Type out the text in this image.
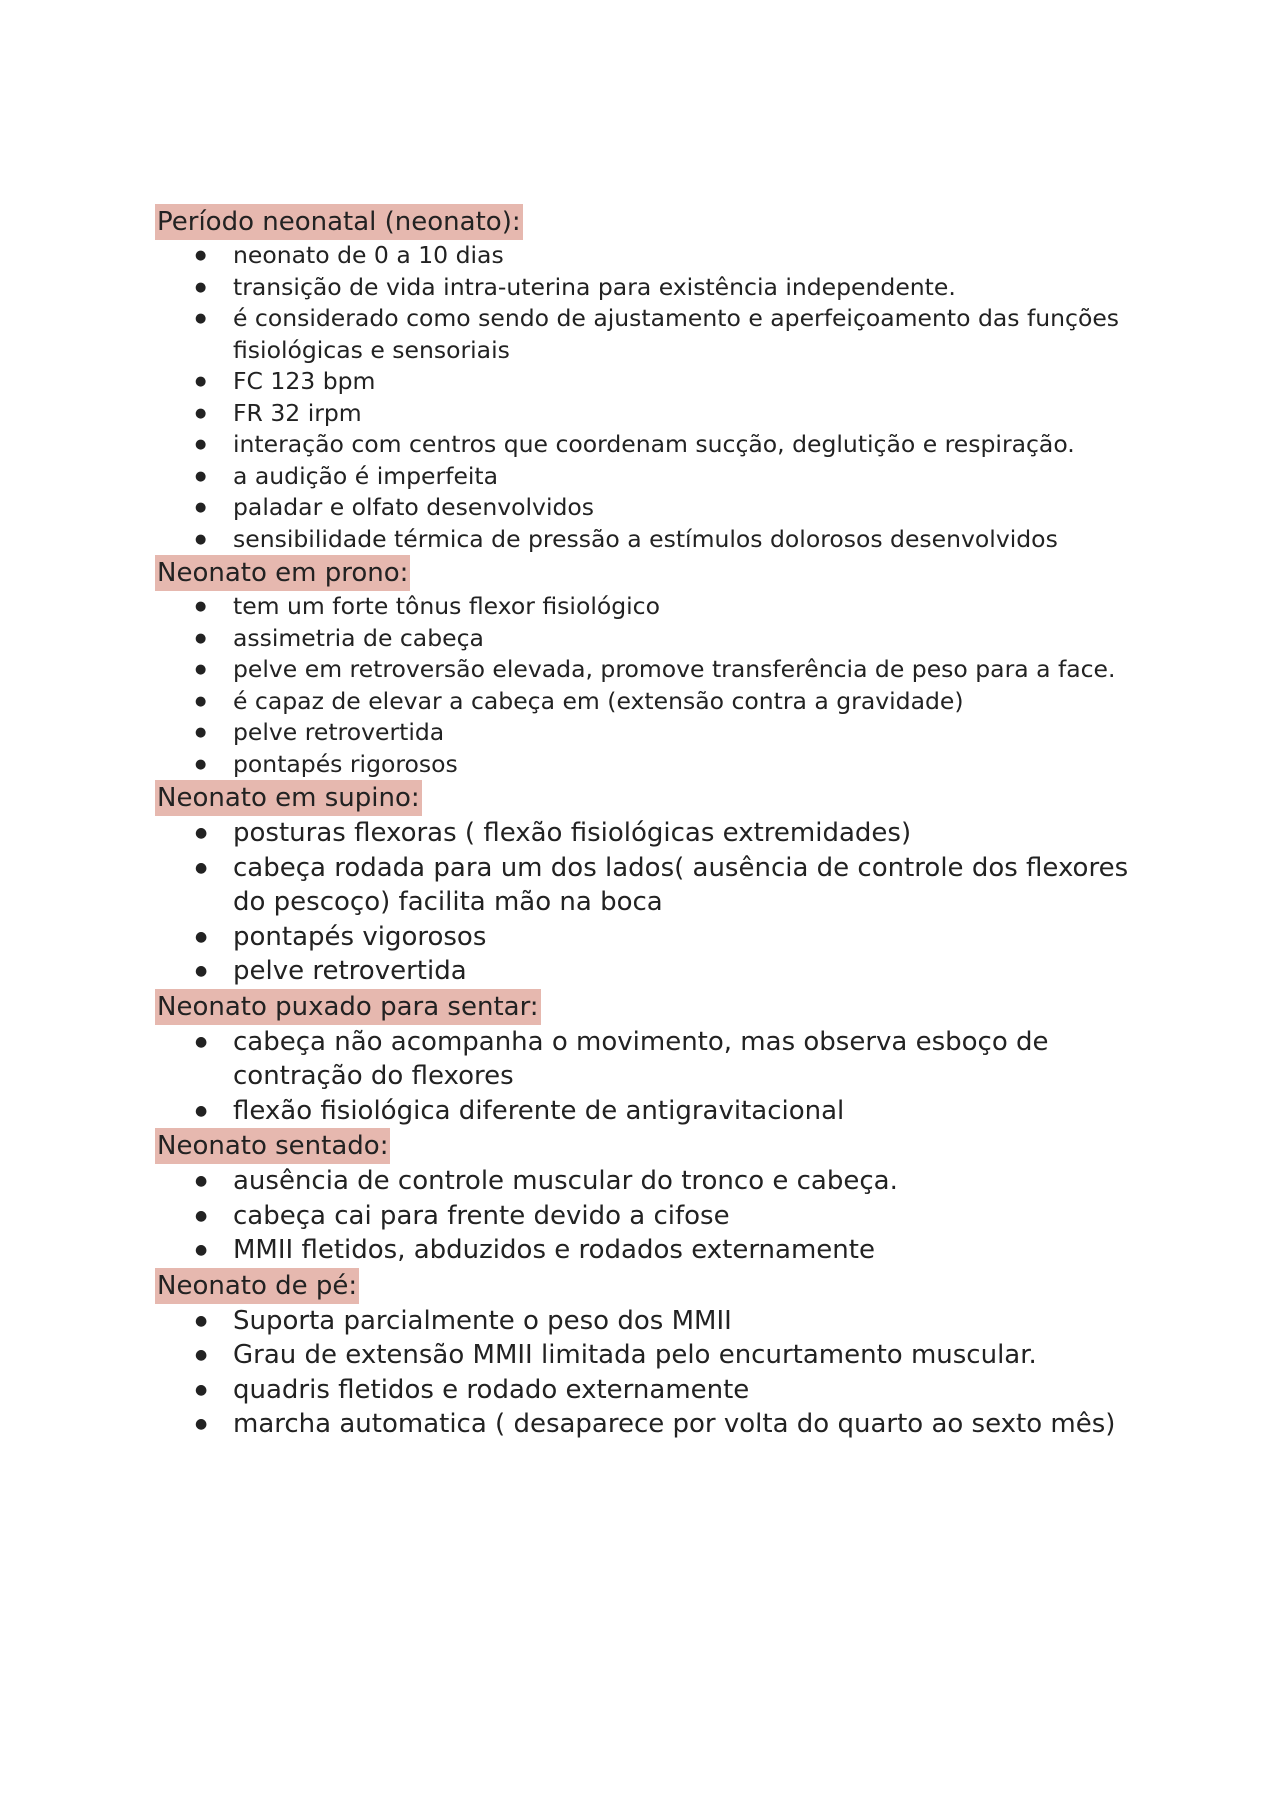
Período neonatal (neonato):
● neonato de 0 a 10 dias
● transição de vida intra-uterina para existência independente.
● é considerado como sendo de ajustamento e aperfeiçoamento das funções fisiológicas e sensoriais
● FC 123 bpm
● FR 32 irpm
● interação com centros que coordenam sucção, deglutição e respiração.
● a audição é imperfeita
● paladar e olfato desenvolvidos
● sensibilidade térmica de pressão a estímulos dolorosos desenvolvidos
Neonato em prono:
● tem um forte tônus flexor fisiológico
● assimetria de cabeça
● pelve em retroversão elevada, promove transferência de peso para a face.
● é capaz de elevar a cabeça em (extensão contra a gravidade)
● pelve retrovertida
● pontapés rigorosos
Neonato em supino:
● posturas flexoras ( flexão fisiológicas extremidades)
● cabeça rodada para um dos lados( ausência de controle dos flexores do pescoço) facilita mão na boca
● pontapés vigorosos
● pelve retrovertida
Neonato puxado para sentar:
● cabeça não acompanha o movimento, mas observa esboço de contração do flexores
● flexão fisiológica diferente de antigravitacional
Neonato sentado:
● ausência de controle muscular do tronco e cabeça.
● cabeça cai para frente devido a cifose
● MMII fletidos, abduzidos e rodados externamente
Neonato de pé:
● Suporta parcialmente o peso dos MMII
● Grau de extensão MMII limitada pelo encurtamento muscular.
● quadris fletidos e rodado externamente
● marcha automatica ( desaparece por volta do quarto ao sexto mês)
